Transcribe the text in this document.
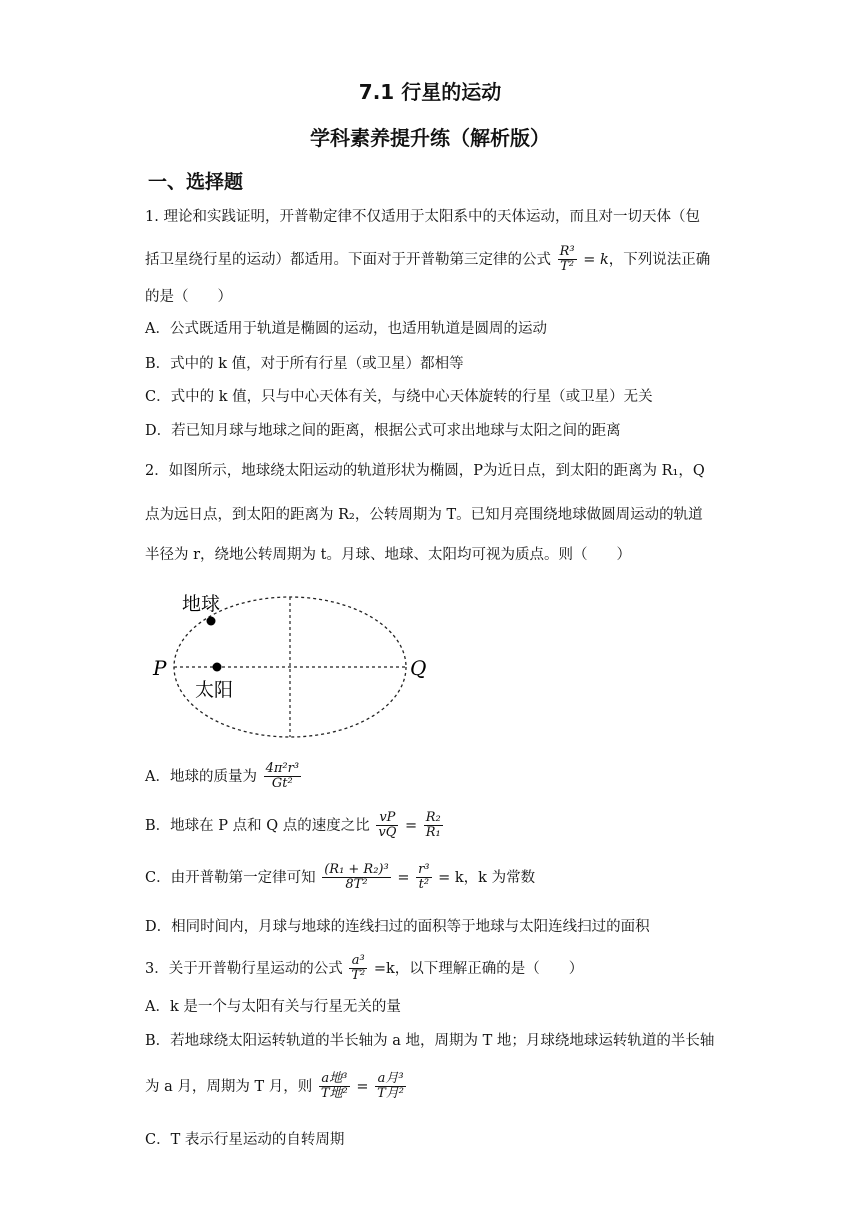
7.1 行星的运动
学科素养提升练（解析版）
一、选择题
1. 理论和实践证明，开普勒定律不仅适用于太阳系中的天体运动，而且对一切天体（包
括卫星绕行星的运动）都适用。下面对于开普勒第三定律的公式 $\frac{\text{R³}}{\text{T²}} = k$，下列说法正确
的是（　　）
A．公式既适用于轨道是椭圆的运动，也适用轨道是圆周的运动
B．式中的 k 值，对于所有行星（或卫星）都相等
C．式中的 k 值，只与中心天体有关，与绕中心天体旋转的行星（或卫星）无关
D．若已知月球与地球之间的距离，根据公式可求出地球与太阳之间的距离
2．如图所示，地球绕太阳运动的轨道形状为椭圆，P为近日点，到太阳的距离为 R₁，Q
点为远日点，到太阳的距离为 R₂，公转周期为 T。已知月亮围绕地球做圆周运动的轨道
半径为 r，绕地公转周期为 t。月球、地球、太阳均可视为质点。则（　　）
地球
太阳
P	Q
A．地球的质量为 $\frac{\text{4π²r³}}{\text{Gt²}}$
B．地球在 P 点和 Q 点的速度之比 $\frac{vP}{vQ} = \frac{\text{R₂}}{\text{R₁}}$
C．由开普勒第一定律可知 $\frac{\text{(R₁ + R₂)³}}{\text{8T²}} = \frac{\text{r³}}{\text{t²}} = k$，k 为常数
D．相同时间内，月球与地球的连线扫过的面积等于地球与太阳连线扫过的面积
3．关于开普勒行星运动的公式 $\frac{\text{a³}}{\text{T²}} =k$，以下理解正确的是（　　）
A．k 是一个与太阳有关与行星无关的量
B．若地球绕太阳运转轨道的半长轴为 a 地，周期为 T 地；月球绕地球运转轨道的半长轴
为 a 月，周期为 T 月，则 $\frac{\text{a地³}}{\text{T地²}} = \frac{\text{a月³}}{\text{T月²}}$
C．T 表示行星运动的自转周期
